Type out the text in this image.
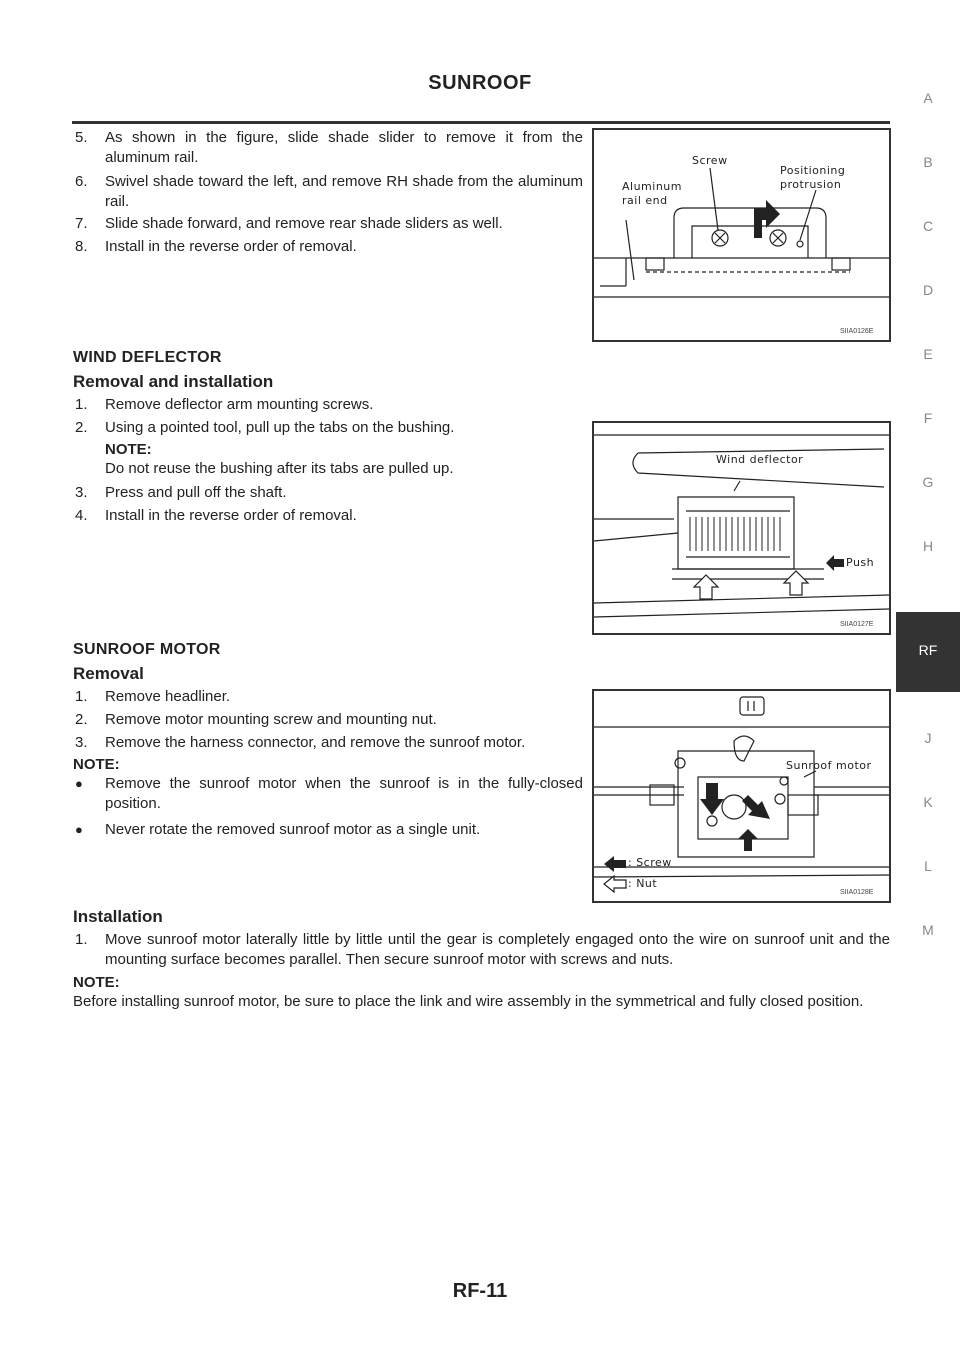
SUNROOF
5. As shown in the figure, slide shade slider to remove it from the aluminum rail.
6. Swivel shade toward the left, and remove RH shade from the aluminum rail.
7. Slide shade forward, and remove rear shade sliders as well.
8. Install in the reverse order of removal.
Aluminum
rail end
Screw
Positioning
protrusion
SIIA0126E
WIND DEFLECTOR
Removal and installation
1. Remove deflector arm mounting screws.
2. Using a pointed tool, pull up the tabs on the bushing.
NOTE:
Do not reuse the bushing after its tabs are pulled up.
3. Press and pull off the shaft.
4. Install in the reverse order of removal.
Wind deflector
Push
SIIA0127E
SUNROOF MOTOR
Removal
1. Remove headliner.
2. Remove motor mounting screw and mounting nut.
3. Remove the harness connector, and remove the sunroof motor.
NOTE:
● Remove the sunroof motor when the sunroof is in the fully-closed position.
● Never rotate the removed sunroof motor as a single unit.
Sunroof motor
: Screw
: Nut
SIIA0128E
Installation
1. Move sunroof motor laterally little by little until the gear is completely engaged onto the wire on sunroof unit and the mounting surface becomes parallel. Then secure sunroof motor with screws and nuts.
NOTE:
Before installing sunroof motor, be sure to place the link and wire assembly in the symmetrical and fully closed position.
A
B
C
D
E
F
G
H
RF
J
K
L
M
RF-11
